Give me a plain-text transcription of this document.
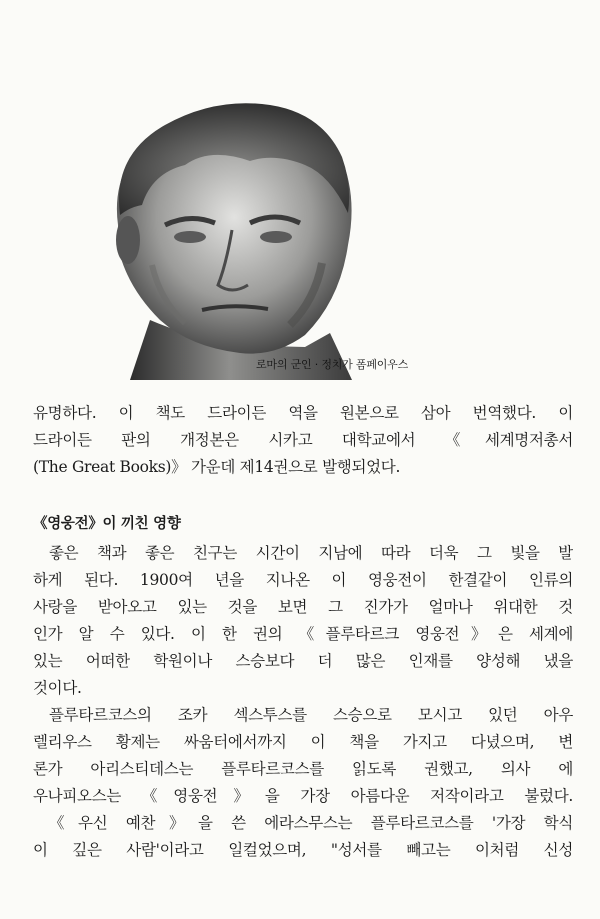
로마의 군인 · 정치가 폼페이우스
유명하다. 이 책도 드라이든 역을 원본으로 삼아 번역했다. 이
드라이든 판의 개정본은 시카고 대학교에서 《세계명저총서
(The Great Books)》 가운데 제14권으로 발행되었다.
《영웅전》이 끼친 영향
좋은 책과 좋은 친구는 시간이 지남에 따라 더욱 그 빛을 발
하게 된다. 1900여 년을 지나온 이 영웅전이 한결같이 인류의
사랑을 받아오고 있는 것을 보면 그 진가가 얼마나 위대한 것
인가 알 수 있다. 이 한 권의 《플루타르크 영웅전》은 세계에
있는 어떠한 학원이나 스승보다 더 많은 인재를 양성해 냈을
것이다.
플루타르코스의 조카 섹스투스를 스승으로 모시고 있던 아우
렐리우스 황제는 싸움터에서까지 이 책을 가지고 다녔으며, 변
론가 아리스티데스는 플루타르코스를 읽도록 권했고, 의사 에
우나피오스는 《영웅전》을 가장 아름다운 저작이라고 불렀다.
《우신 예찬》을 쓴 에라스무스는 플루타르코스를 '가장 학식
이 깊은 사람'이라고 일컬었으며, "성서를 빼고는 이처럼 신성
